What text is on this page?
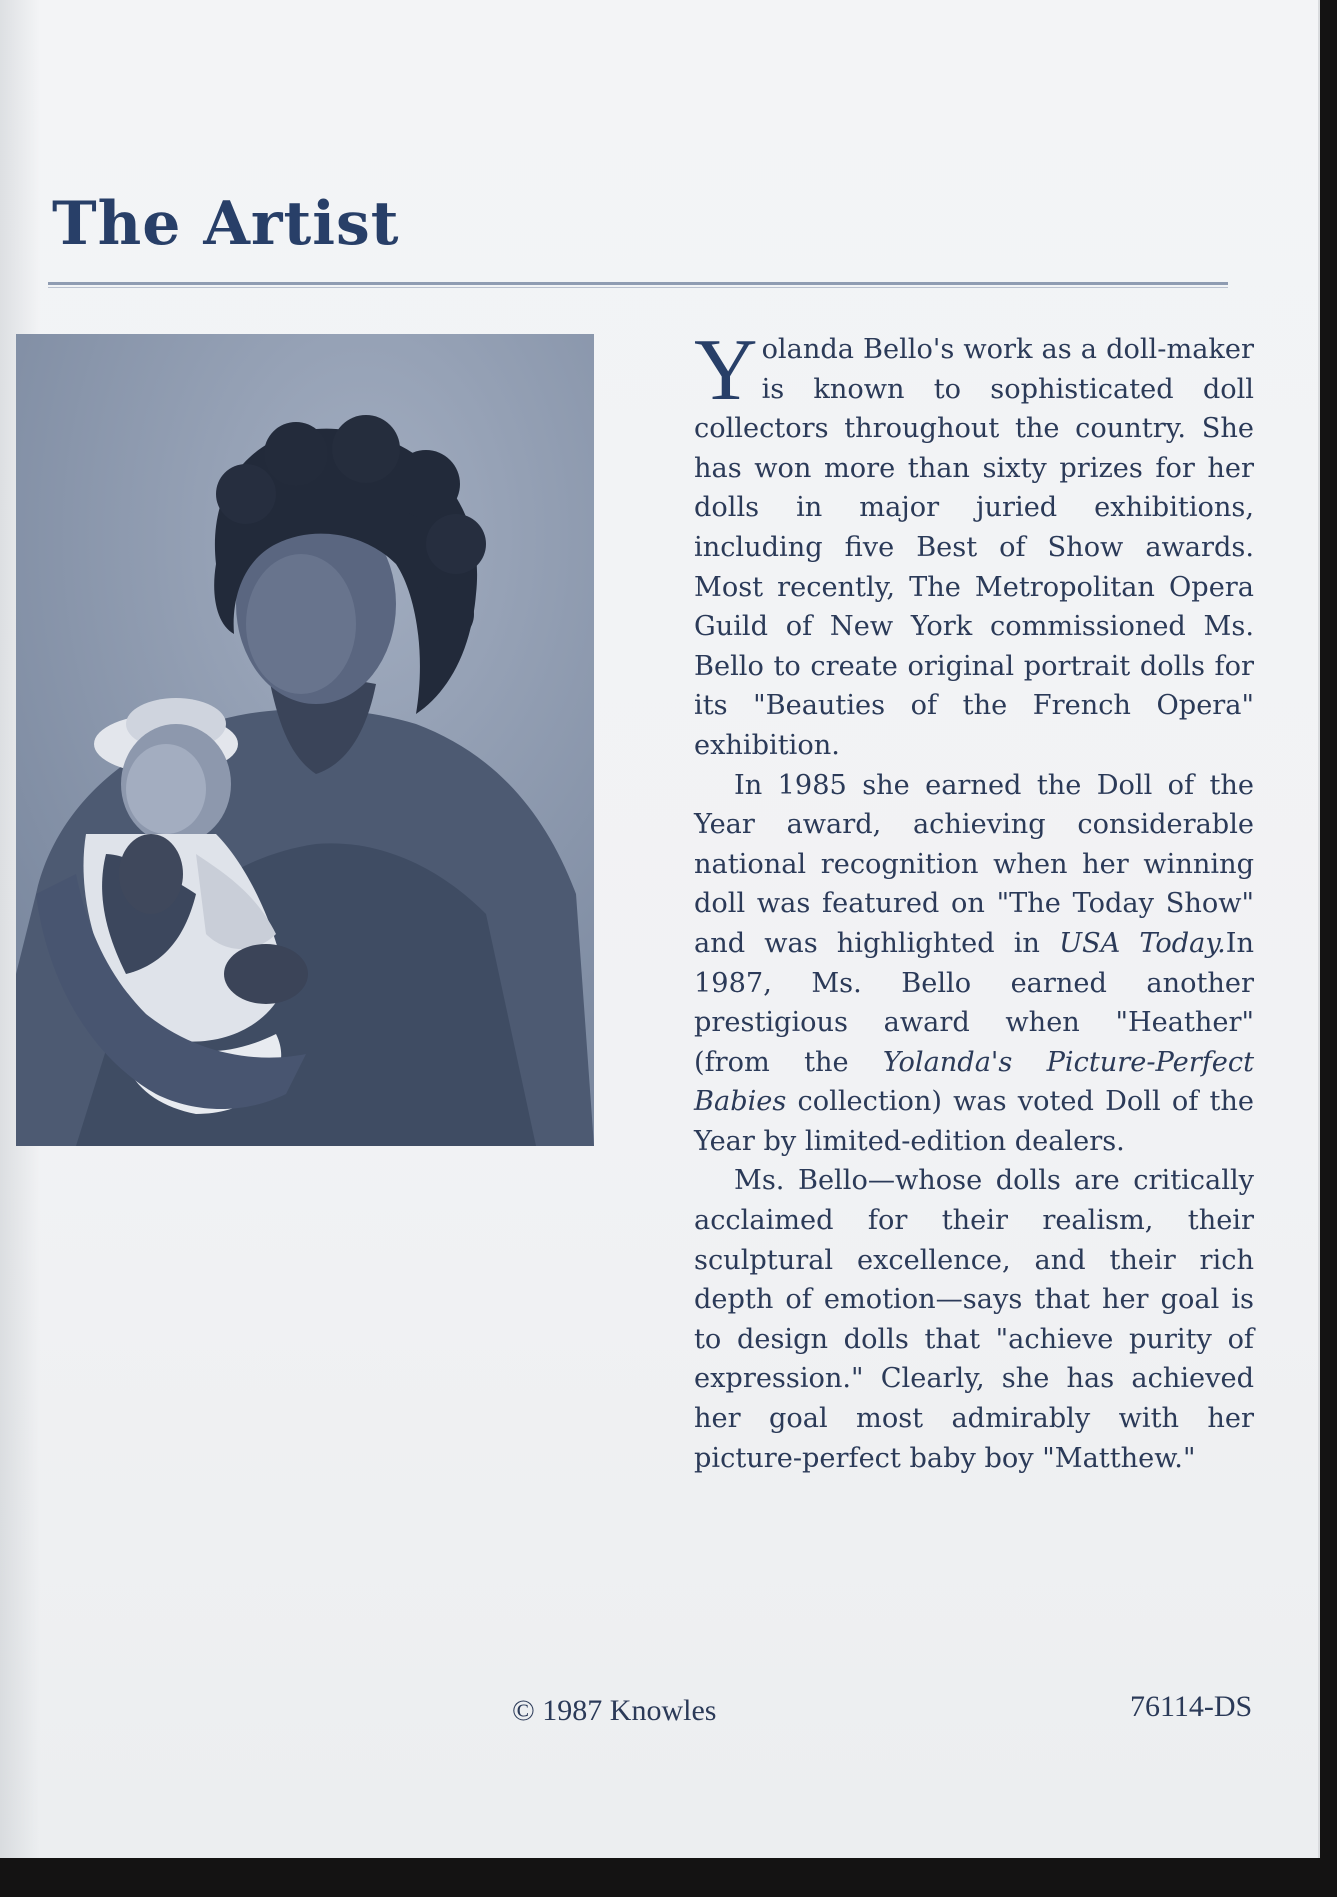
The Artist

Yolanda Bello's work as a doll-maker is known to sophisticated doll collectors throughout the country. She has won more than sixty prizes for her dolls in major juried exhibitions, including five Best of Show awards. Most recently, The Metropolitan Opera Guild of New York commissioned Ms. Bello to create original portrait dolls for its "Beauties of the French Opera" exhibition.

In 1985 she earned the Doll of the Year award, achieving considerable national recognition when her winning doll was featured on "The Today Show" and was highlighted in USA Today.In 1987, Ms. Bello earned another prestigious award when "Heather" (from the Yolanda's Picture-Perfect Babies collection) was voted Doll of the Year by limited-edition dealers.

Ms. Bello—whose dolls are critically acclaimed for their realism, their sculptural excellence, and their rich depth of emotion—says that her goal is to design dolls that "achieve purity of expression." Clearly, she has achieved her goal most admirably with her picture-perfect baby boy "Matthew."

© 1987 Knowles	76114-DS
